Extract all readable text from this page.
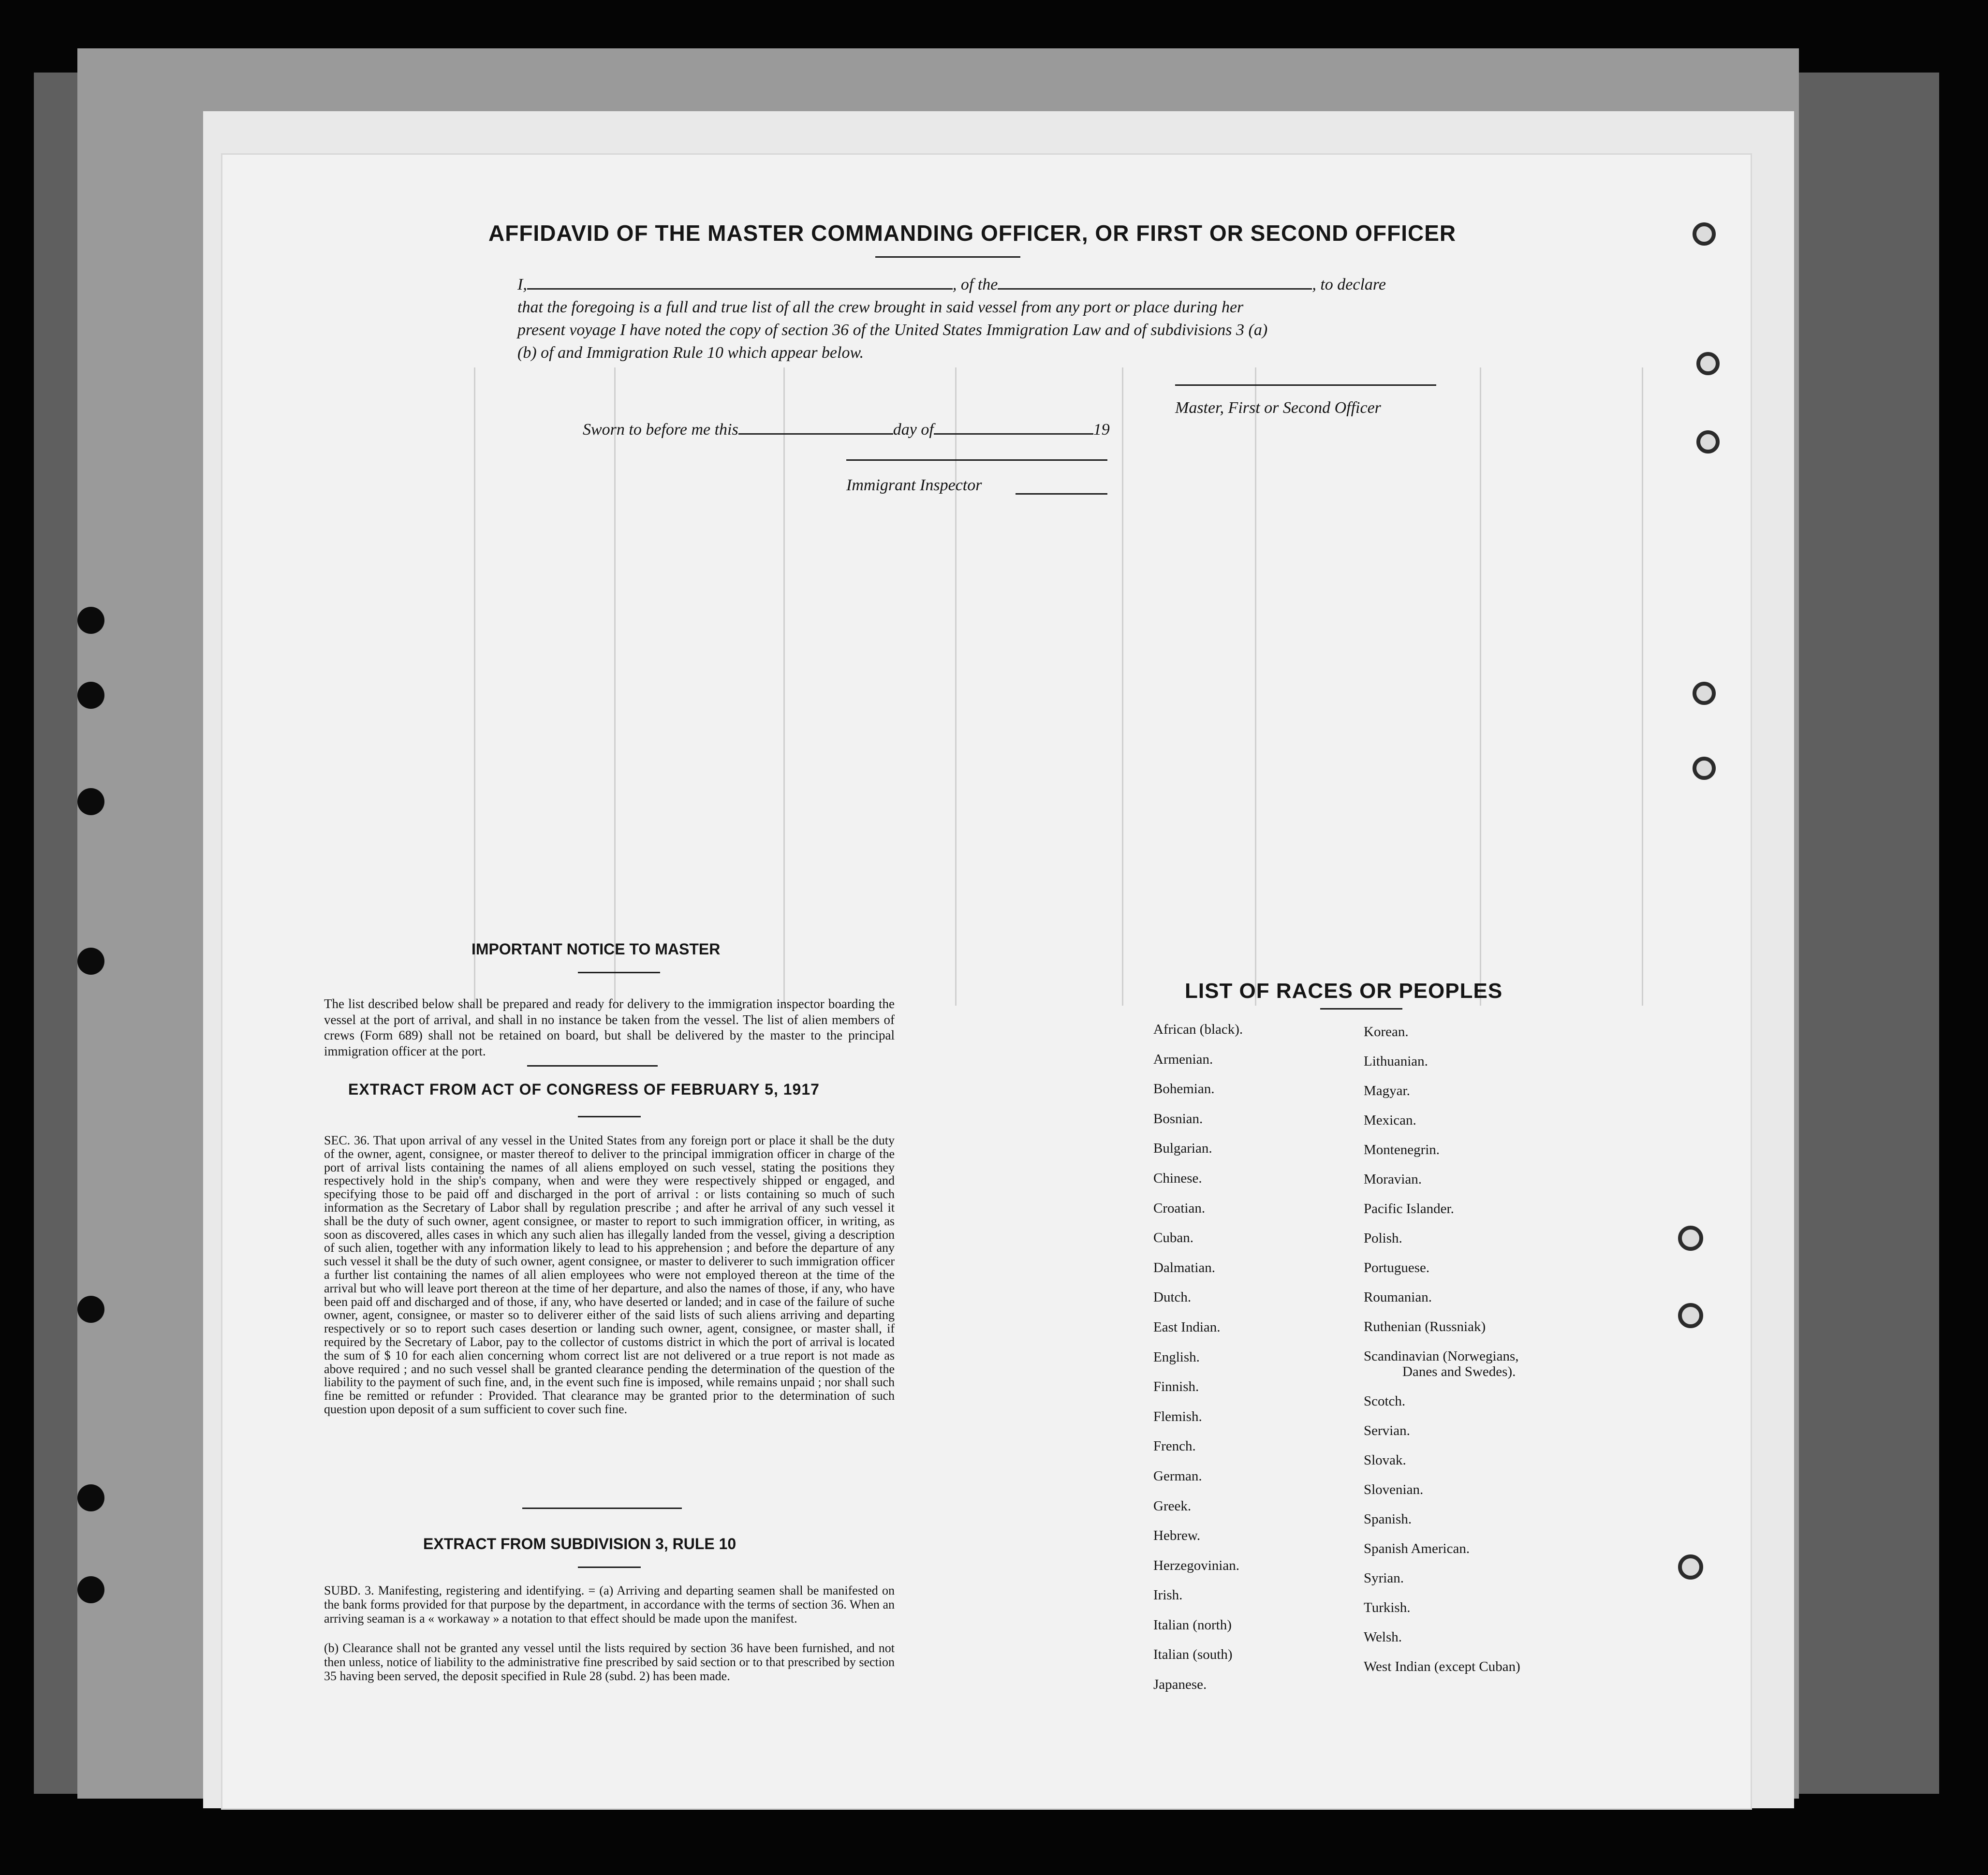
AFFIDAVID OF THE MASTER COMMANDING OFFICER, OR FIRST OR SECOND OFFICER
I,	, of the	, to declare
that the foregoing is a full and true list of all the crew brought in said vessel from any port or place during her
present voyage I have noted the copy of section 36 of the United States Immigration Law and of subdivisions 3 (a)
(b) of and Immigration Rule 10 which appear below.
Master, First or Second Officer
Sworn to before me this	day of	19
Immigrant Inspector
IMPORTANT NOTICE TO MASTER
The list described below shall be prepared and ready for delivery to the immigration inspector boarding the vessel at the port of arrival, and shall in no instance be taken from the vessel. The list of alien members of crews (Form 689) shall not be retained on board, but shall be delivered by the master to the principal immigration officer at the port.
EXTRACT FROM ACT OF CONGRESS OF FEBRUARY 5, 1917
SEC. 36. That upon arrival of any vessel in the United States from any foreign port or place it shall be the duty of the owner, agent, consignee, or master thereof to deliver to the principal immigration officer in charge of the port of arrival lists containing the names of all aliens employed on such vessel, stating the positions they respectively hold in the ship's company, when and were they were respectively shipped or engaged, and specifying those to be paid off and discharged in the port of arrival : or lists containing so much of such information as the Secretary of Labor shall by regulation prescribe ; and after he arrival of any such vessel it shall be the duty of such owner, agent consignee, or master to report to such immigration officer, in writing, as soon as discovered, alles cases in which any such alien has illegally landed from the vessel, giving a description of such alien, together with any information likely to lead to his apprehension ; and before the departure of any such vessel it shall be the duty of such owner, agent consignee, or master to deliverer to such immigration officer a further list containing the names of all alien employees who were not employed thereon at the time of the arrival but who will leave port thereon at the time of her departure, and also the names of those, if any, who have been paid off and discharged and of those, if any, who have deserted or landed; and in case of the failure of suche owner, agent, consignee, or master so to deliverer either of the said lists of such aliens arriving and departing respectively or so to report such cases desertion or landing such owner, agent, consignee, or master shall, if required by the Secretary of Labor, pay to the collector of customs district in which the port of arrival is located the sum of $ 10 for each alien concerning whom correct list are not delivered or a true report is not made as above required ; and no such vessel shall be granted clearance pending the determination of the question of the liability to the payment of such fine, and, in the event such fine is imposed, while remains unpaid ; nor shall such fine be remitted or refunder : Provided. That clearance may be granted prior to the determination of such question upon deposit of a sum sufficient to cover such fine.
EXTRACT FROM SUBDIVISION 3, RULE 10
SUBD. 3. Manifesting, registering and identifying. = (a) Arriving and departing seamen shall be manifested on the bank forms provided for that purpose by the department, in accordance with the terms of section 36. When an arriving seaman is a « workaway » a notation to that effect should be made upon the manifest.
(b) Clearance shall not be granted any vessel until the lists required by section 36 have been furnished, and not then unless, notice of liability to the administrative fine prescribed by said section or to that prescribed by section 35 having been served, the deposit specified in Rule 28 (subd. 2) has been made.
LIST OF RACES OR PEOPLES
African (black).
Armenian.
Bohemian.
Bosnian.
Bulgarian.
Chinese.
Croatian.
Cuban.
Dalmatian.
Dutch.
East Indian.
English.
Finnish.
Flemish.
French.
German.
Greek.
Hebrew.
Herzegovinian.
Irish.
Italian (north)
Italian (south)
Japanese.
Korean.
Lithuanian.
Magyar.
Mexican.
Montenegrin.
Moravian.
Pacific Islander.
Polish.
Portuguese.
Roumanian.
Ruthenian (Russniak)
Scandinavian (Norwegians,
Danes and Swedes).
Scotch.
Servian.
Slovak.
Slovenian.
Spanish.
Spanish American.
Syrian.
Turkish.
Welsh.
West Indian (except Cuban)
